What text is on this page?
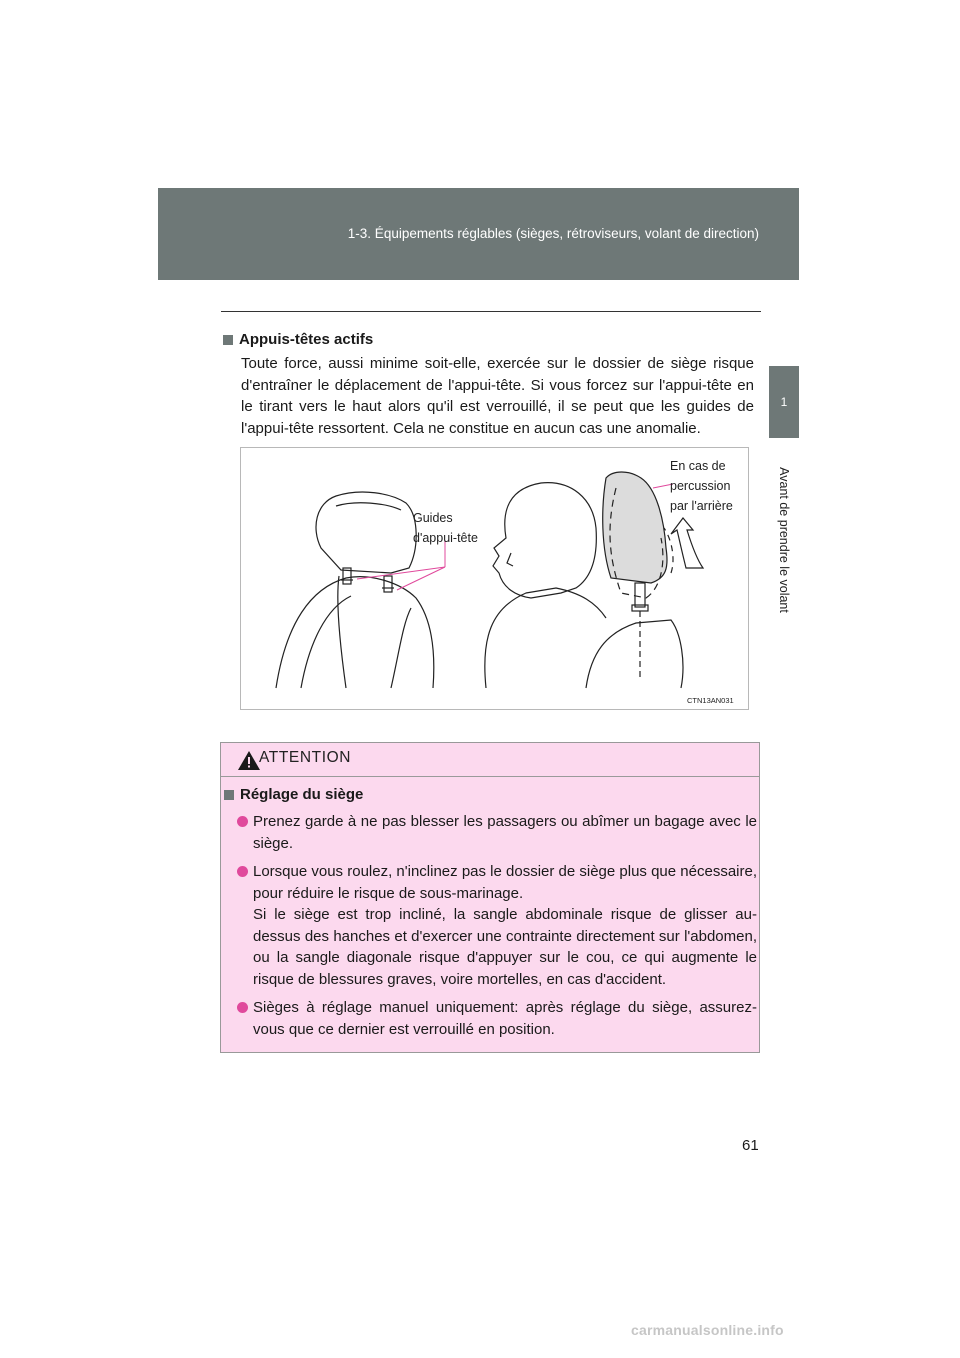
1-3. Équipements réglables (sièges, rétroviseurs, volant de direction)
1
Avant de prendre le volant
Appuis-têtes actifs

Toute force, aussi minime soit-elle, exercée sur le dossier de siège risque d'entraîner le déplacement de l'appui-tête. Si vous forcez sur l'appui-tête en le tirant vers le haut alors qu'il est verrouillé, il se peut que les guides de l'appui-tête ressortent. Cela ne constitue en aucun cas une anomalie.

Guides
d'appui-tête
En cas de
percussion
par l'arrière
CTN13AN031
ATTENTION
Réglage du siège
Prenez garde à ne pas blesser les passagers ou abîmer un bagage avec le siège.
Lorsque vous roulez, n'inclinez pas le dossier de siège plus que nécessaire, pour réduire le risque de sous-marinage.
Si le siège est trop incliné, la sangle abdominale risque de glisser au-dessus des hanches et d'exercer une contrainte directement sur l'abdomen, ou la sangle diagonale risque d'appuyer sur le cou, ce qui augmente le risque de blessures graves, voire mortelles, en cas d'accident.
Sièges à réglage manuel uniquement: après réglage du siège, assurez-vous que ce dernier est verrouillé en position.
61
carmanualsonline.info
